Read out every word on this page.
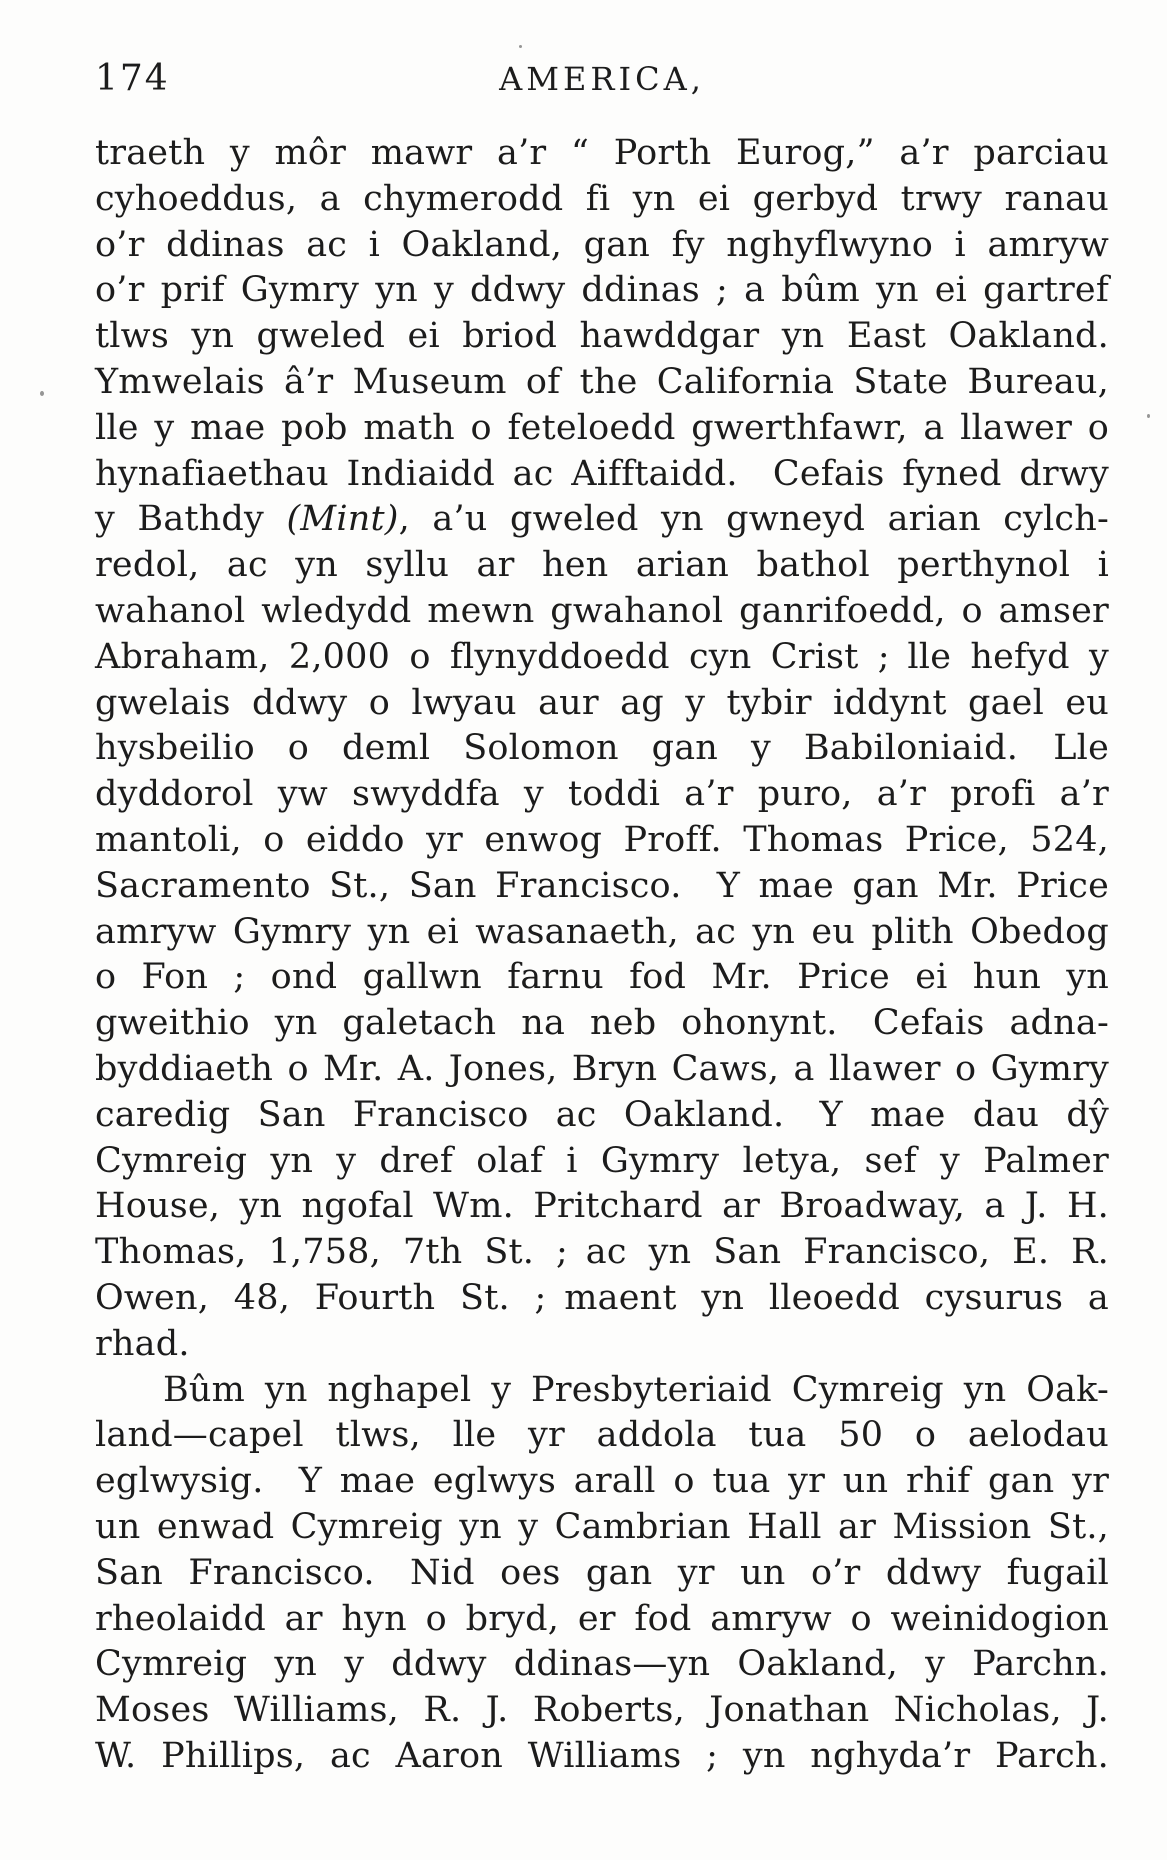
174	AMERICA,
traeth y môr mawr a’r “ Porth Eurog,” a’r parciau
cyhoeddus, a chymerodd fi yn ei gerbyd trwy ranau
o’r ddinas ac i Oakland, gan fy nghyflwyno i amryw
o’r prif Gymry yn y ddwy ddinas ; a bûm yn ei gartref
tlws yn gweled ei briod hawddgar yn East Oakland.
Ymwelais â’r Museum of the California State Bureau,
lle y mae pob math o feteloedd gwerthfawr, a llawer o
hynafiaethau Indiaidd ac Aifftaidd. Cefais fyned drwy
y Bathdy (Mint), a’u gweled yn gwneyd arian cylch-
redol, ac yn syllu ar hen arian bathol perthynol i
wahanol wledydd mewn gwahanol ganrifoedd, o amser
Abraham, 2,000 o flynyddoedd cyn Crist ; lle hefyd y
gwelais ddwy o lwyau aur ag y tybir iddynt gael eu
hysbeilio o deml Solomon gan y Babiloniaid. Lle
dyddorol yw swyddfa y toddi a’r puro, a’r profi a’r
mantoli, o eiddo yr enwog Proff. Thomas Price, 524,
Sacramento St., San Francisco. Y mae gan Mr. Price
amryw Gymry yn ei wasanaeth, ac yn eu plith Obedog
o Fon ; ond gallwn farnu fod Mr. Price ei hun yn
gweithio yn galetach na neb ohonynt. Cefais adna-
byddiaeth o Mr. A. Jones, Bryn Caws, a llawer o Gymry
caredig San Francisco ac Oakland. Y mae dau dŷ
Cymreig yn y dref olaf i Gymry letya, sef y Palmer
House, yn ngofal Wm. Pritchard ar Broadway, a J. H.
Thomas, 1,758, 7th St. ; ac yn San Francisco, E. R.
Owen, 48, Fourth St. ; maent yn lleoedd cysurus a
rhad.
Bûm yn nghapel y Presbyteriaid Cymreig yn Oak-
land—capel tlws, lle yr addola tua 50 o aelodau
eglwysig. Y mae eglwys arall o tua yr un rhif gan yr
un enwad Cymreig yn y Cambrian Hall ar Mission St.,
San Francisco. Nid oes gan yr un o’r ddwy fugail
rheolaidd ar hyn o bryd, er fod amryw o weinidogion
Cymreig yn y ddwy ddinas—yn Oakland, y Parchn.
Moses Williams, R. J. Roberts, Jonathan Nicholas, J.
W. Phillips, ac Aaron Williams ; yn nghyda’r Parch.
